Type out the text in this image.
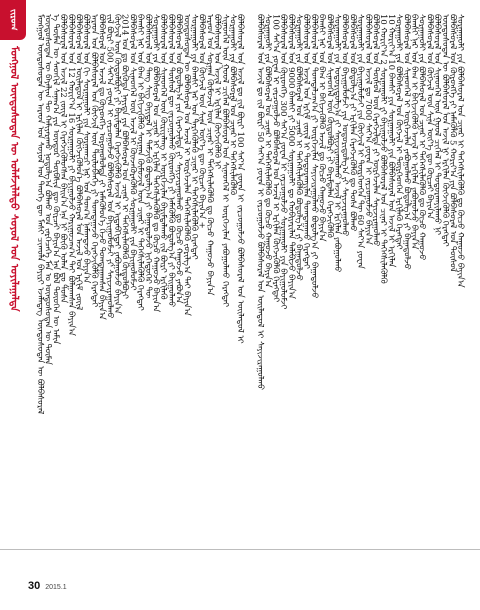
ᠵᠢᠷᠤᠭ
ᠮᠣᠩᠭᠣᠯ ᠦᠨᠳᠦᠰᠦᠲᠡᠨ ᠦ ᠤᠯᠠᠮᠵᠢᠯᠠᠯᠲᠤ ᠰᠤᠶᠤᠯ ᠤᠨ ᠣᠶᠢᠯᠠᠭᠠᠯᠲᠠ	ᠮᠣᠩᠭᠣᠯ ᠦᠨᠳᠦᠰᠦᠲᠡᠨ ᠦ ᠠᠷᠠᠳ ᠤᠨ ᠰᠤᠶᠤᠯ ᠤᠨ ᠲᠡᠦᠬᠡ ᠳᠦ ᠮᠠᠰᠢ ᠴᠢᠬᠤᠯᠠ ᠪᠠᠶᠢᠷᠢ ᠡᠵᠡᠯᠡᠳᠡᠭ ᠦᠨᠳᠦᠰᠦᠲᠡᠨ ᠦ ᠪᠣᠯᠪᠠᠰᠤᠷᠠᠯ
ᠦᠨᠳᠦᠰᠦᠲᠡᠨ ᠦ ᠪᠠᠶᠠᠯᠢᠭ ᠲᠦ ᠬᠠᠮᠢᠶᠠᠷᠠᠬᠤ ᠨᠣᠳᠤᠯᠭ᠎ᠠ ᠪᠣᠯᠬᠤ ᠤᠨ ᠵᠡᠷᠭᠡᠴᠡᠭᠡ ᠮᠠᠨ ᠤ ᠦᠨᠳᠦᠰᠦᠲᠡᠨ ᠦ ᠲᠦᠮᠡᠨ
ᠡ ᠲᠦᠮᠡᠨ ᠦ ᠰᠡᠳᠬᠢᠯ ᠰᠠᠨᠠᠭ᠎ᠠ ᠶᠢᠨ ᠥᠨᠳᠦᠷ ᠲᠦᠪᠰᠢᠨ ᠳᠦ ᠬᠦᠷᠴᠡᠢ ᠪᠠᠶᠢᠨ᠎ᠠ ᠡᠨᠡ ᠪᠣᠯ ᠲᠦᠦᠬᠡᠨ ᠦ ᠠᠮᠢᠨ
ᠪᠣᠯᠪᠠᠰᠤᠷᠠᠯ ᠤᠨ ᠠᠵᠢᠯ 22 ᠵᠦᠢᠯ ᠢ ᠬᠡᠷᠡᠭᠵᠢᠭᠦᠯᠦᠭᠰᠡᠨ ᠪᠠᠢᠨ᠎ᠠ ᠡᠨᠡ ᠨᠢ ᠪᠦᠬᠦ ᠣᠯᠠᠨ ᠳᠤ ᠲᠤᠰᠠ
ᠪᠣᠯᠪᠠᠰᠤᠷᠠᠯ ᠤᠨ 12 ᠬᠣᠷᠢᠶ᠎ᠠ 16 ᠰᠤᠷᠭᠠᠭᠤᠯᠢ ᠶᠢ ᠪᠠᠶᠢᠭᠤᠯᠵᠤ ᠬᠠᠷᠢᠭᠤᠴᠠᠭ᠎ᠠ ᠲᠠᠢ ᠪᠣᠯᠭᠠᠭᠰᠠᠨ ᠪᠠᠶᠢᠨ᠎ᠠ
ᠪᠣᠯᠪᠠᠰᠤᠷᠠᠯ ᠤᠨ ᠦᠢᠯᠡᠳᠦᠯ ᠢ ᠡᠷᠬᠢᠯᠡᠨ ᠬᠥᠭᠵᠢᠭᠦᠯᠦᠨ᠎ᠡ ᠪᠣᠯᠪᠠᠰᠤᠷᠠᠯ ᠤᠨ ᠠᠵᠢᠯ ᠤᠨ ᠡᠷᠬᠢᠮ ᠵᠦᠢᠯ
ᠪᠣᠯᠪᠠᠰᠤᠷᠠᠯ ᠤᠨ ᠬᠢ ᠰᠤᠷᠭᠠᠭᠤᠯᠢ ᠶᠢᠨ ᠰᠤᠷᠭᠠᠭᠴᠢ ᠨᠠᠷ ᠤᠨ ᠲᠣᠭ᠎ᠠ ᠨᠡᠮᠡᠭ᠍ᠳᠡᠵᠦ ᠪᠠᠶᠢᠨ᠎ᠠ
ᠠᠷᠠᠳ ᠤᠨ ᠪᠣᠯᠪᠠᠰᠤᠷᠠᠯ ᠤᠨ ᠬᠥᠭᠵᠢᠯ ᠦᠨ ᠲᠦᠯᠦᠪᠯᠡᠭᠡ ᠶᠢ ᠲᠣᠭᠲᠠᠭᠠᠵᠤ ᠬᠡᠷᠡᠭᠵᠢᠭᠦᠯᠬᠦ ᠬᠡᠷᠡᠭᠲᠡᠢ
ᠪᠣᠯᠪᠠᠰᠤᠷᠠᠯ ᠤᠨ ᠠᠵᠢᠯ ᠳᠤ ᠬᠥᠷᠦᠩᠭᠡ ᠣᠷᠣᠭᠤᠯᠤᠯᠲᠠ ᠶᠢ ᠨᠡᠮᠡᠭᠦᠯᠦᠨ᠎ᠡ ᠭᠡᠵᠦ ᠲᠣᠭᠲᠠᠭᠠᠭᠰᠠᠨ ᠪᠠᠶᠢᠨ᠎ᠠ
ᠵᠢᠯ ᠪᠦᠷᠢ 500 ᠰᠠᠶ᠎ᠠ ᠶᠤᠸᠠᠨ ᠢ ᠵᠠᠷᠴᠤᠭᠤᠯᠵᠤ ᠪᠣᠯᠪᠠᠰᠤᠷᠠᠯ ᠤᠨ ᠪᠠᠶᠢᠭᠤᠯᠤᠮᠵᠢ ᠶᠢ ᠰᠠᠶᠢᠵᠢᠷᠠᠭᠤᠯᠬᠤ
ᠬᠥᠭᠵᠢᠯ ᠦᠨ ᠬᠥᠲᠦᠯᠪᠦᠷᠢ ᠶᠢ ᠪᠠᠷᠢᠮᠲᠠᠯᠠᠨ ᠬᠡᠷᠡᠭᠵᠢᠭᠦᠯᠬᠦ ᠠᠵᠢᠯ ᠢ ᠢᠳᠡᠪᠬᠢᠲᠡᠢ ᠶᠠᠪᠤᠭᠤᠯᠵᠤ ᠪᠠᠶᠢᠨ᠎ᠠ
2014 ᠣᠨ ᠳᠤ ᠪᠦᠭᠦᠳᠡ ᠨᠡᠶᠢᠲᠡ ᠶᠢᠨ ᠪᠣᠯᠪᠠᠰᠤᠷᠠᠯ ᠤᠨ ᠴᠢᠨᠠᠷ ᠢ ᠳᠡᠭᠡᠭᠰᠢᠯᠡᠭᠦᠯᠬᠦ ᠬᠥᠲᠦᠯᠪᠦᠷᠢ
ᠪᠣᠯᠪᠠᠰᠤᠷᠠᠯ ᠤᠨ ᠰᠢᠨᠡᠳᠭᠡᠯ ᠦᠨ ᠠᠵᠢᠯ ᠢ ᠭᠦᠨᠵᠡᠭᠦᠷᠡᠭᠦᠯᠬᠦ ᠰᠤᠷᠭᠠᠭᠤᠯᠢ ᠶᠢᠨ ᠪᠠᠶᠢᠭᠤᠯᠤᠮᠵᠢ
ᠪᠠᠭᠰᠢ ᠨᠠᠷ ᠤᠨ ᠪᠠᠭ ᠢ ᠪᠡᠬᠢᠵᠢᠭᠦᠯᠬᠦ ᠰᠤᠷᠭᠠᠨ ᠬᠦᠮᠦᠵᠢᠯ ᠦᠨ ᠴᠢᠨᠠᠷ ᠢ ᠳᠡᠭᠡᠭᠰᠢᠯᠡᠭᠦᠯᠬᠦ ᠬᠡᠷᠡᠭᠲᠡᠢ
ᠪᠣᠯᠪᠠᠰᠤᠷᠠᠯ ᠤᠨ ᠲᠡᠩ ᠰᠢᠭ ᠪᠠᠶᠢᠳᠠᠯ ᠢ ᠳᠡᠮᠵᠢᠬᠦ ᠪᠣᠳᠣᠯᠭ᠎ᠠ ᠶᠢ ᠪᠠᠭᠠᠳᠤᠯᠵᠤ ᠨᠢᠭᠡᠳᠦᠭᠡᠷ ᠲᠦ
ᠰᠤᠷᠭᠠᠭᠤᠯᠢ ᠶᠢᠨ ᠪᠣᠯᠪᠠᠰᠤᠷᠠᠯ ᠤᠨ ᠴᠢᠨᠠᠷ ᠢ ᠡᠷᠬᠢᠯᠡᠨ ᠳᠡᠭᠡᠭᠰᠢᠯᠡᠭᠦᠯᠬᠦ ᠳᠤ ᠬᠦᠴᠦ ᠬᠠᠭᠤᠵᠤ ᠪᠠᠶᠢᠨ᠎ᠠ
ᠪᠣᠯᠪᠠᠰᠤᠷᠠᠯ ᠤᠨ ᠰᠢᠨᠡᠳᠭᠡᠯ ᠦᠨ ᠬᠦᠷᠢᠶᠡᠯᠡᠩ ᠢ ᠦᠷᠭᠡᠵᠢᠯᠡᠨ ᠪᠠᠷᠢᠮᠲᠠᠯᠠᠬᠤ ᠵᠢᠯ ᠪᠦᠷᠢ ᠡᠷᠬᠢᠯᠡᠬᠦ
ᠪᠣᠯᠪᠠᠰᠤᠷᠠᠯ ᠤᠨ ᠲᠥᠰᠦᠯ ᠳᠦ ᠵᠠᠷᠴᠤᠭᠤᠯᠬᠤ ᠬᠥᠷᠦᠩᠭᠡ ᠶᠢ ᠨᠡᠮᠡᠭᠦᠯᠬᠦ ᠪᠣᠳᠣᠯᠭ᠎ᠠ ᠶᠢ ᠪᠠᠢᠭᠤᠯᠬᠤ
ᠪᠣᠯᠪᠠᠰᠤᠷᠠᠯ ᠤᠨ ᠪᠣᠳᠣᠯᠭ᠎ᠠ ᠶᠢᠨ ᠬᠡᠷᠡᠭᠵᠢᠯᠲᠡ ᠶᠢ ᠰᠠᠶᠢᠵᠢᠷᠠᠭᠤᠯᠬᠤ ᠳᠤ ᠬᠦᠴᠦ ᠬᠠᠭᠤᠵᠤ ᠶᠠᠪᠤᠨ᠎ᠠ
ᠦᠨᠳᠦᠰᠦᠲᠡᠨ ᠦ ᠪᠣᠯᠪᠠᠰᠤᠷᠠᠯ ᠤᠨ ᠠᠵᠢᠯ ᠢ ᠦᠷᠭᠡᠵᠢᠯᠡᠨ ᠳᠡᠭᠡᠭᠰᠢᠯᠡᠭᠦᠯᠬᠦ ᠵᠣᠷᠢᠯᠭ᠎ᠠ ᠲᠠᠢ ᠪᠠᠶᠢᠨ᠎ᠠ
ᠰᠤᠷᠭᠠᠭᠤᠯᠢ ᠶᠢᠨ ᠪᠠᠭᠰᠢ ᠨᠠᠷ ᠤᠨ ᠲᠡᠷᠭᠡᠭᠦᠯᠡᠬᠦ ᠴᠢᠨᠠᠷ ᠢ ᠳᠡᠭᠡᠭᠰᠢᠯᠡᠭᠦᠯᠬᠦ ᠬᠡᠷᠡᠭᠲᠡᠢ
ᠪᠣᠯᠪᠠᠰᠤᠷᠠᠯ ᠤᠨ ᠬᠥᠭᠵᠢᠯ ᠦᠨ ᠰᠢᠨᠡ ᠦᠶ᠎ᠡ ᠳᠦ ᠬᠦᠷᠴᠡᠢ ᠪᠠᠶᠢᠨ᠎ᠠ +
ᠠᠷᠠᠳ ᠤᠨ ᠰᠤᠷᠭᠠᠨ ᠬᠦᠮᠦᠵᠢᠯ ᠦᠨ ᠴᠢᠨᠠᠷ ᠢ ᠳᠡᠭᠡᠭᠰᠢᠯᠡᠭᠦᠯᠬᠦ ᠳᠤ ᠬᠦᠴᠦ ᠬᠠᠭᠤᠵᠤ ᠪᠠᠶᠢᠨ᠎ᠠ
ᠪᠣᠯᠪᠠᠰᠤᠷᠠᠯ ᠤᠨ ᠠᠵᠢᠯ ᠢ ᠡᠷᠬᠢᠯᠡᠨ ᠬᠥᠭᠵᠢᠭᠦᠯᠬᠦ ᠨᠢ
ᠰᠢᠨᠡᠳᠭᠡᠯ ᠦᠨ ᠭᠣᠣᠯ ᠴᠢᠭᠯᠡᠯ ᠪᠣᠯᠪᠠᠰᠤᠷᠠᠯ ᠤᠨ ᠰᠢᠨᠡᠳᠭᠡᠯ ᠢ ᠦᠷᠭᠡᠵᠢᠯᠡᠨ ᠶᠠᠪᠤᠭᠤᠯᠬᠤ ᠬᠡᠷᠡᠭᠲᠡᠢ
ᠰᠤᠷᠭᠠᠭᠤᠯᠢ ᠶᠢᠨ ᠪᠣᠯᠪᠠᠰᠤᠷᠠᠯ ᠤᠨ ᠴᠢᠨᠠᠷ ᠢ ᠳᠡᠭᠡᠭᠰᠢᠯᠡᠭᠦᠯᠬᠦ
ᠪᠣᠯᠪᠠᠰᠤᠷᠠᠯ ᠤᠨ ᠠᠵᠢᠯ ᠳᠤ ᠵᠢᠯ ᠪᠦᠷᠢ 100 ᠰᠠᠶ᠎ᠠ ᠶᠤᠸᠠᠨ ᠢ ᠵᠠᠷᠴᠤᠭᠤᠯᠵᠤ ᠪᠣᠯᠪᠠᠰᠤᠷᠠᠯ ᠤᠨ ᠦᠢᠯᠡᠳᠦᠯ ᠢ ᠪᠣᠯᠪᠠᠰᠤᠷᠠᠯ ᠤᠨ ᠠᠵᠢᠯ ᠳᠤ ᠵᠢᠯ ᠪᠦᠷᠢ 50 ᠰᠠᠶ᠎ᠠ ᠶᠤᠸᠠᠨ ᠢ ᠵᠠᠷᠴᠤᠭᠤᠯᠵᠤ ᠪᠣᠯᠪᠠᠰᠤᠷᠠᠯ ᠤᠨ ᠦᠢᠯᠡᠳᠦᠯ ᠢ ᠰᠠᠶᠢᠵᠢᠷᠠᠭᠤᠯᠬᠤ
ᠰᠤᠷᠭᠠᠭᠤᠯᠢ ᠶᠢᠨ ᠪᠣᠯᠪᠠᠰᠤᠷᠠᠯ ᠤᠨ ᠴᠢᠨᠠᠷ ᠢ ᠳᠡᠭᠡᠭᠰᠢᠯᠡᠭᠦᠯᠬᠦ ᠳᠤ ᠬᠦᠴᠦ ᠬᠠᠭᠤᠵᠤ ᠪᠠᠶᠢᠨ᠎ᠠ
100 ᠰᠠᠶ᠎ᠠ ᠶᠤᠸᠠᠨ ᠢ ᠵᠠᠷᠴᠤᠭᠤᠯᠵᠤ ᠪᠣᠯᠪᠠᠰᠤᠷᠠᠯ ᠤᠨ ᠠᠵᠢᠯ ᠢ ᠡᠷᠬᠢᠯᠡᠨ ᠬᠥᠭᠵᠢᠭᠦᠯᠬᠦ ᠬᠡᠷᠡᠭᠲᠡᠢ
ᠪᠣᠯᠪᠠᠰᠤᠷᠠᠯ ᠤᠨ ᠬᠥᠷᠦᠩᠭᠡ 300 ᠰᠠᠶ᠎ᠠ ᠶᠤᠸᠠᠨ ᠢ ᠵᠠᠷᠴᠤᠭᠤᠯᠵᠤ ᠰᠤᠷᠭᠠᠭᠤᠯᠢ ᠶᠢᠨ ᠪᠠᠶᠢᠭᠤᠯᠤᠮᠵᠢ
ᠪᠣᠯᠪᠠᠰᠤᠷᠠᠯ ᠤᠨ 9000 ᠪᠠᠭᠰᠢ ᠶᠢ 5000 ᠰᠤᠷᠭᠠᠭᠤᠯᠢ ᠳᠤ ᠬᠤᠪᠢᠶᠠᠷᠢᠯᠠᠨ ᠲᠠᠯᠠᠪᠢᠵᠤ ᠪᠠᠶᠢᠨ᠎ᠠ
ᠰᠤᠷᠭᠠᠭᠤᠯᠢ ᠶᠢᠨ ᠪᠣᠯᠪᠠᠰᠤᠷᠠᠯ ᠤᠨ ᠴᠢᠨᠠᠷ ᠢ ᠳᠡᠭᠡᠭᠰᠢᠯᠡᠭᠦᠯᠬᠦ ᠪᠣᠳᠣᠯᠭ᠎ᠠ ᠶᠢ ᠪᠠᠭᠠᠳᠤᠯᠵᠤ
ᠪᠣᠯᠪᠠᠰᠤᠷᠠᠯ ᠤᠨ ᠠᠵᠢᠯ ᠤᠨ ᠡᠷᠬᠢᠮ ᠵᠦᠢᠯ ᠢ ᠲᠣᠳᠤᠷᠬᠠᠶᠢᠯᠠᠨ ᠲᠣᠭᠲᠠᠭᠠᠬᠤ ᠬᠡᠷᠡᠭᠲᠡᠢ
ᠪᠣᠯᠪᠠᠰᠤᠷᠠᠯ ᠤᠨ ᠲᠣᠭᠲᠠᠯᠴᠠᠭ᠎ᠠ ᠶᠢ ᠦᠷᠭᠡᠵᠢᠯᠡᠨ ᠰᠠᠶᠢᠵᠢᠷᠠᠭᠤᠯᠬᠤ ᠪᠣᠳᠣᠯᠭ᠎ᠠ ᠶᠢ ᠪᠠᠭᠠᠳᠤᠯᠵᠤ
ᠪᠠᠭᠰᠢ ᠨᠠᠷ ᠤᠨ ᠪᠠᠭ ᠢ ᠪᠡᠬᠢᠵᠢᠭᠦᠯᠬᠦ ᠠᠵᠢᠯ ᠳᠤ ᠬᠦᠴᠦ ᠬᠠᠭᠤᠵᠤ ᠪᠠᠶᠢᠨ᠎ᠠ
ᠪᠣᠯᠪᠠᠰᠤᠷᠠᠯ ᠤᠨ ᠰᠢᠨᠡᠳᠭᠡᠯ ᠦᠨ ᠬᠥᠲᠦᠯᠪᠦᠷᠢ ᠶᠢ ᠪᠠᠷᠢᠮᠲᠠᠯᠠᠨ ᠬᠡᠷᠡᠭᠵᠢᠭᠦᠯᠬᠦ
ᠰᠤᠷᠭᠠᠭᠤᠯᠢ ᠶᠢᠨ ᠤᠳᠤᠷᠢᠳᠤᠯᠭ᠎ᠠ ᠶᠢ ᠰᠠᠶᠢᠵᠢᠷᠠᠭᠤᠯᠬᠤ ᠠᠵᠢᠯ ᠢ ᠡᠷᠬᠢᠯᠡᠨ ᠶᠠᠪᠤᠭᠤᠯᠬᠤ
ᠪᠣᠯᠪᠠᠰᠤᠷᠠᠯ ᠤᠨ ᠪᠠᠶᠢᠭᠤᠯᠤᠮᠵᠢ ᠶᠢᠨ ᠤᠳᠤᠷᠢᠳᠤᠯᠭ᠎ᠠ ᠶᠢ ᠰᠠᠶᠢᠵᠢᠷᠠᠭᠤᠯᠬᠤ
ᠪᠣᠯᠪᠠᠰᠤᠷᠠᠯ ᠤᠨ ᠪᠣᠳᠣᠯᠭ᠎ᠠ ᠶᠢ ᠡᠷᠬᠢᠯᠡᠨ ᠬᠡᠷᠡᠭᠵᠢᠭᠦᠯᠬᠦ ᠳᠤ ᠲᠤᠰᠠ ᠪᠣᠯᠬᠤ
ᠰᠤᠷᠭᠠᠭᠤᠯᠢ ᠶᠢᠨ ᠪᠠᠶᠢᠭᠤᠯᠤᠮᠵᠢ ᠶᠢᠨ ᠬᠥᠭᠵᠢᠯ ᠢ ᠲᠦᠷᠭᠡᠳᠬᠡᠨ ᠲᠦ 60 ᠰᠠᠶ᠎ᠠ ᠶᠤᠸᠠᠨ
ᠪᠣᠯᠪᠠᠰᠤᠷᠠᠯ ᠤᠨ ᠠᠵᠢᠯ ᠳᠤ 7000 ᠰᠠᠶ᠎ᠠ ᠶᠤᠸᠠᠨ ᠢ ᠵᠠᠷᠴᠤᠭᠤᠯᠵᠤ ᠪᠠᠶᠢᠨ᠎ᠠ
ᠪᠣᠯᠪᠠᠰᠤᠷᠠᠯ ᠤᠨ ᠲᠥᠰᠦᠯ ᠦᠨ ᠬᠡᠷᠡᠭᠵᠢᠯᠲᠡ ᠶᠢ ᠦᠷᠭᠡᠵᠢᠯᠡᠨ ᠰᠠᠶᠢᠵᠢᠷᠠᠭᠤᠯᠬᠤ
10 ᠬᠣᠷᠢᠶ᠎ᠠ 2 ᠰᠤᠷᠭᠠᠭᠤᠯᠢ ᠶᠢ ᠪᠠᠶᠢᠭᠤᠯᠵᠤ ᠪᠣᠯᠪᠠᠰᠤᠷᠠᠯ ᠤᠨ ᠴᠢᠨᠠᠷ ᠢ ᠳᠡᠭᠡᠭᠰᠢᠯᠡᠭᠦᠯᠬᠦ
10 ᠬᠣᠷᠢᠶ᠎ᠠ 10 ᠪᠠᠭᠰᠢ ᠶᠢᠨ ᠰᠤᠷᠭᠠᠭᠤᠯᠢ ᠶᠢᠨ ᠪᠣᠯᠪᠠᠰᠤᠷᠠᠯ ᠤᠨ ᠠᠵᠢᠯ ᠢ ᠡᠷᠬᠢᠯᠡᠨ
ᠰᠤᠷᠭᠠᠭᠤᠯᠢ ᠶᠢᠨ ᠪᠣᠯᠪᠠᠰᠤᠷᠠᠯ ᠤᠨ ᠬᠥᠭᠵᠢᠯ ᠢ ᠲᠦᠷᠭᠡᠳᠬᠡᠨ ᠡᠷᠬᠢᠯᠡᠬᠦ ᠬᠡᠷᠡᠭᠲᠡᠢ
ᠪᠣᠯᠪᠠᠰᠤᠷᠠᠯ ᠤᠨ ᠰᠢᠨᠡᠳᠭᠡᠯ ᠢ ᠦᠷᠭᠡᠵᠢᠯᠡᠨ ᠶᠠᠪᠤᠭᠤᠯᠬᠤ ᠪᠣᠳᠣᠯᠭ᠎ᠠ ᠶᠢ ᠪᠠᠭᠠᠳᠤᠯᠵᠤ
ᠪᠠᠭᠰᠢ ᠨᠠᠷ ᠤᠨ ᠪᠠᠭ ᠢ ᠪᠡᠬᠢᠵᠢᠭᠦᠯᠬᠦ ᠠᠵᠢᠯ ᠢ ᠡᠷᠬᠢᠯᠡᠨ ᠶᠠᠪᠤᠭᠤᠯᠵᠤ ᠪᠠᠶᠢᠨ᠎ᠠ
ᠰᠤᠷᠭᠠᠭᠤᠯᠢ ᠶᠢᠨ ᠪᠣᠯᠪᠠᠰᠤᠷᠠᠯ ᠤᠨ ᠴᠢᠨᠠᠷ ᠢ ᠳᠡᠭᠡᠭᠰᠢᠯᠡᠭᠦᠯᠬᠦ ᠳᠤ ᠬᠦᠴᠦ ᠬᠠᠭᠤᠵᠤ
ᠪᠣᠯᠪᠠᠰᠤᠷᠠᠯ ᠤᠨ ᠬᠥᠭᠵᠢᠯ ᠦᠨ ᠰᠢᠨᠡ ᠦᠶ᠎ᠡ ᠳᠦ ᠬᠦᠷᠴᠡᠢ ᠪᠠᠶᠢᠨ᠎ᠠ
ᠪᠣᠯᠪᠠᠰᠤᠷᠠᠯ ᠤᠨ ᠰᠢᠨᠡᠳᠭᠡᠯ ᠦᠨ ᠭᠣᠣᠯ ᠴᠢᠭᠯᠡᠯ ᠢ ᠲᠣᠳᠤᠷᠬᠠᠶᠢᠯᠠᠬᠤ ᠨᠢ
ᠦᠨᠳᠦᠰᠦᠲᠡᠨ ᠦ ᠪᠣᠯᠪᠠᠰᠤᠷᠠᠯ ᠤᠨ ᠠᠵᠢᠯ ᠢ ᠡᠷᠬᠢᠯᠡᠨ ᠬᠥᠭᠵᠢᠭᠦᠯᠬᠦ ᠬᠡᠷᠡᠭᠲᠡᠢ
ᠪᠣᠯᠪᠠᠰᠤᠷᠠᠯ ᠤᠨ ᠬᠥᠷᠦᠩᠭᠡ ᠶᠢ ᠨᠡᠮᠡᠭᠦᠯᠬᠦ 5 ᠬᠣᠷᠢᠶ᠎ᠠ ᠶᠢᠨ ᠪᠣᠯᠪᠠᠰᠤᠷᠠᠯ ᠤᠨ ᠲᠥᠰᠦᠯ
ᠰᠤᠷᠭᠠᠭᠤᠯᠢ ᠶᠢᠨ ᠪᠣᠯᠪᠠᠰᠤᠷᠠᠯ ᠤᠨ ᠴᠢᠨᠠᠷ ᠢ ᠳᠡᠭᠡᠭᠰᠢᠯᠡᠭᠦᠯᠬᠦ ᠳᠤ ᠬᠦᠴᠦ ᠬᠠᠭᠤᠵᠤ ᠪᠠᠶᠢᠨ᠎ᠠ
30 2015.1
